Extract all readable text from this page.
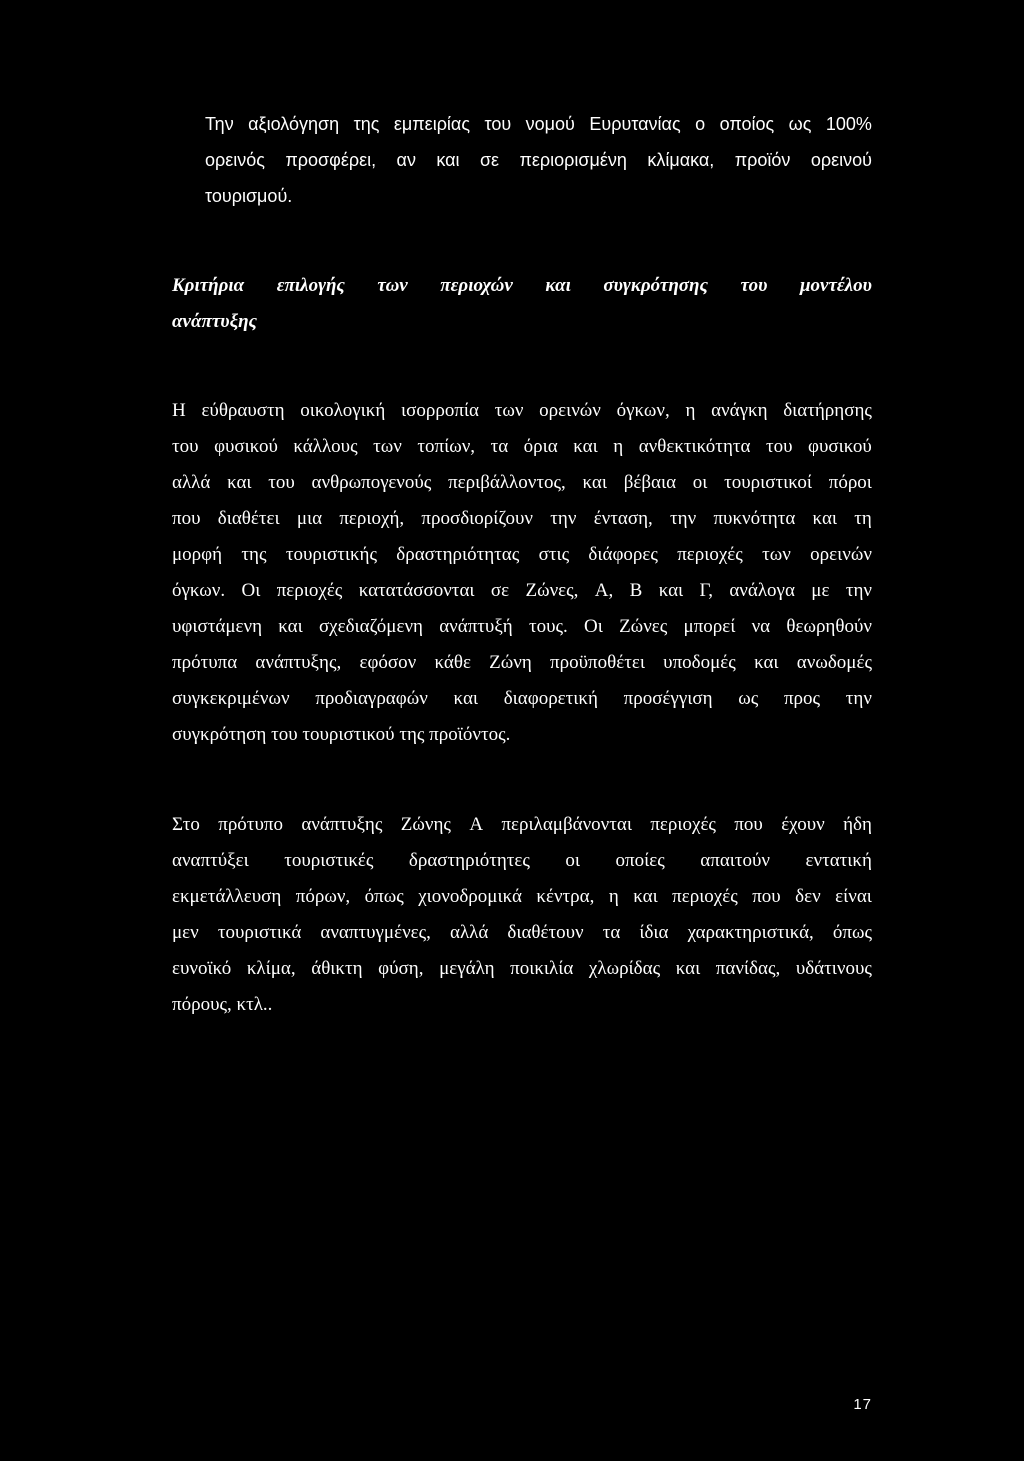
Την αξιολόγηση της εμπειρίας του νομού Ευρυτανίας ο οποίος ως 100%
ορεινός προσφέρει, αν και σε περιορισμένη κλίμακα, προϊόν ορεινού
τουρισμού.
Κριτήρια επιλογής των περιοχών και συγκρότησης του μοντέλου
ανάπτυξης
Η εύθραυστη οικολογική ισορροπία των ορεινών όγκων, η ανάγκη διατήρησης
του φυσικού κάλλους των τοπίων, τα όρια και η ανθεκτικότητα του φυσικού
αλλά και του ανθρωπογενούς περιβάλλοντος, και βέβαια οι τουριστικοί πόροι
που διαθέτει μια περιοχή, προσδιορίζουν την ένταση, την πυκνότητα και τη
μορφή της τουριστικής δραστηριότητας στις διάφορες περιοχές των ορεινών
όγκων. Οι περιοχές κατατάσσονται σε Ζώνες, Α, Β και Γ, ανάλογα με την
υφιστάμενη και σχεδιαζόμενη ανάπτυξή τους. Οι Ζώνες μπορεί να θεωρηθούν
πρότυπα ανάπτυξης, εφόσον κάθε Ζώνη προϋποθέτει υποδομές και ανωδομές
συγκεκριμένων προδιαγραφών και διαφορετική προσέγγιση ως προς την
συγκρότηση του τουριστικού της προϊόντος.
Στο πρότυπο ανάπτυξης Ζώνης Α περιλαμβάνονται περιοχές που έχουν ήδη
αναπτύξει τουριστικές δραστηριότητες οι οποίες απαιτούν εντατική
εκμετάλλευση πόρων, όπως χιονοδρομικά κέντρα, η και περιοχές που δεν είναι
μεν τουριστικά αναπτυγμένες, αλλά διαθέτουν τα ίδια χαρακτηριστικά, όπως
ευνοϊκό κλίμα, άθικτη φύση, μεγάλη ποικιλία χλωρίδας και πανίδας, υδάτινους
πόρους, κτλ..
17
